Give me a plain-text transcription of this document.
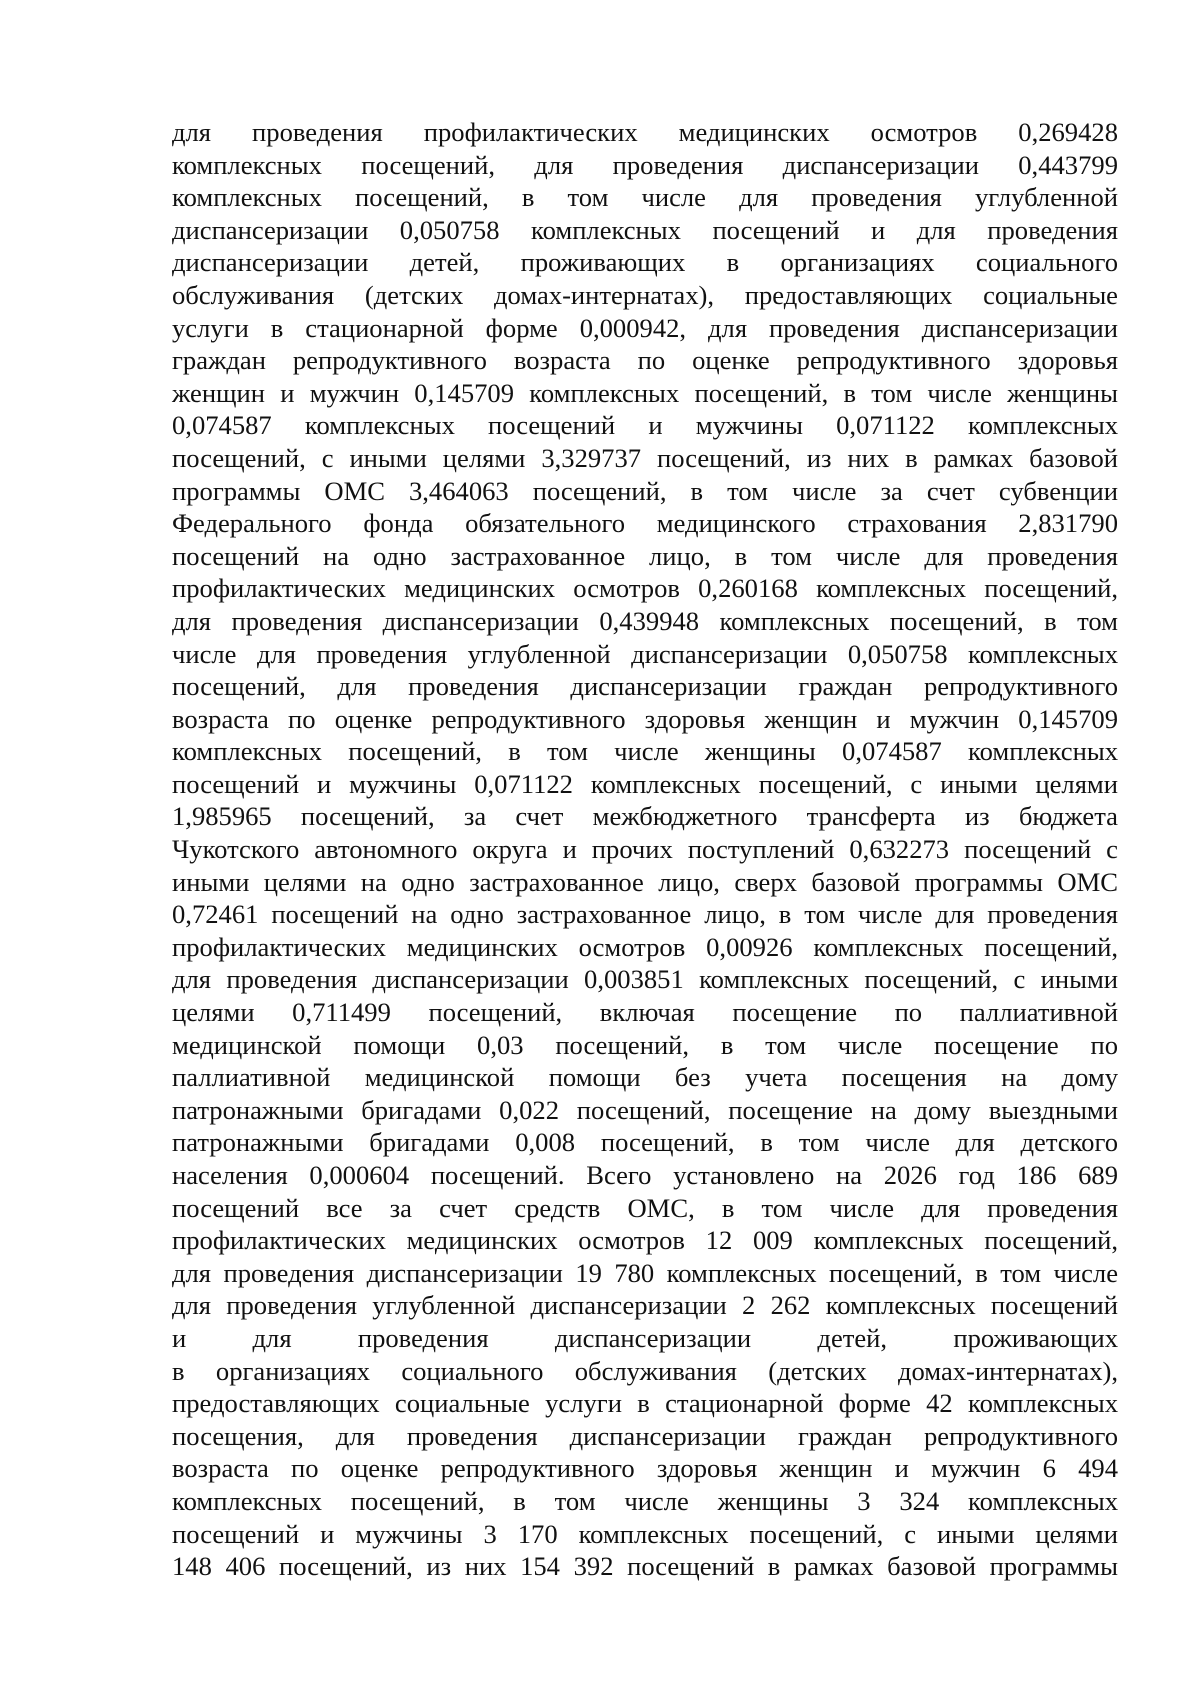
для проведения профилактических медицинских осмотров 0,269428
комплексных посещений, для проведения диспансеризации 0,443799
комплексных посещений, в том числе для проведения углубленной
диспансеризации 0,050758 комплексных посещений и для проведения
диспансеризации детей, проживающих в организациях социального
обслуживания (детских домах-интернатах), предоставляющих социальные
услуги в стационарной форме 0,000942, для проведения диспансеризации
граждан репродуктивного возраста по оценке репродуктивного здоровья
женщин и мужчин 0,145709 комплексных посещений, в том числе женщины
0,074587 комплексных посещений и мужчины 0,071122 комплексных
посещений, с иными целями 3,329737 посещений, из них в рамках базовой
программы ОМС 3,464063 посещений, в том числе за счет субвенции
Федерального фонда обязательного медицинского страхования 2,831790
посещений на одно застрахованное лицо, в том числе для проведения
профилактических медицинских осмотров 0,260168 комплексных посещений,
для проведения диспансеризации 0,439948 комплексных посещений, в том
числе для проведения углубленной диспансеризации 0,050758 комплексных
посещений, для проведения диспансеризации граждан репродуктивного
возраста по оценке репродуктивного здоровья женщин и мужчин 0,145709
комплексных посещений, в том числе женщины 0,074587 комплексных
посещений и мужчины 0,071122 комплексных посещений, с иными целями
1,985965 посещений, за счет межбюджетного трансферта из бюджета
Чукотского автономного округа и прочих поступлений 0,632273 посещений с
иными целями на одно застрахованное лицо, сверх базовой программы ОМС
0,72461 посещений на одно застрахованное лицо, в том числе для проведения
профилактических медицинских осмотров 0,00926 комплексных посещений,
для проведения диспансеризации 0,003851 комплексных посещений, с иными
целями 0,711499 посещений, включая посещение по паллиативной
медицинской помощи 0,03 посещений, в том числе посещение по
паллиативной медицинской помощи без учета посещения на дому
патронажными бригадами 0,022 посещений, посещение на дому выездными
патронажными бригадами 0,008 посещений, в том числе для детского
населения 0,000604 посещений. Всего установлено на 2026 год 186 689
посещений все за счет средств ОМС, в том числе для проведения
профилактических медицинских осмотров 12 009 комплексных посещений,
для проведения диспансеризации 19 780 комплексных посещений, в том числе
для проведения углубленной диспансеризации 2 262 комплексных посещений
и для проведения диспансеризации детей, проживающих
в организациях социального обслуживания (детских домах-интернатах),
предоставляющих социальные услуги в стационарной форме 42 комплексных
посещения, для проведения диспансеризации граждан репродуктивного
возраста по оценке репродуктивного здоровья женщин и мужчин 6 494
комплексных посещений, в том числе женщины 3 324 комплексных
посещений и мужчины 3 170 комплексных посещений, с иными целями
148 406 посещений, из них 154 392 посещений в рамках базовой программы
